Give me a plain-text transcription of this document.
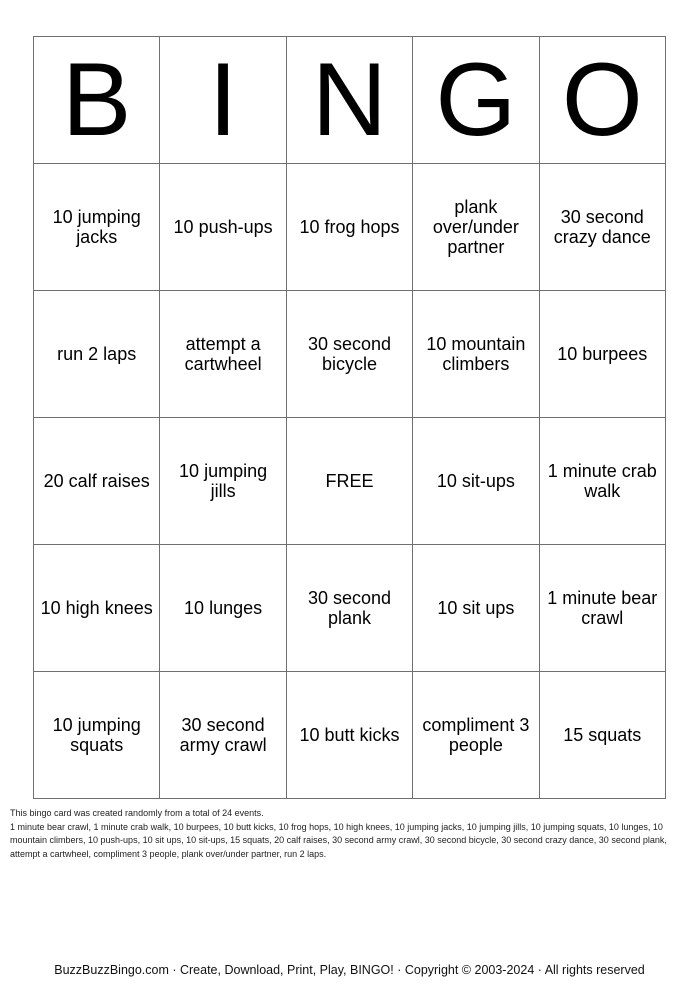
B	I	N	G	O
10 jumping jacks	10 push-ups	10 frog hops	plank over/under partner	30 second crazy dance
run 2 laps	attempt a cartwheel	30 second bicycle	10 mountain climbers	10 burpees
20 calf raises	10 jumping jills	FREE	10 sit-ups	1 minute crab walk
10 high knees	10 lunges	30 second plank	10 sit ups	1 minute bear crawl
10 jumping squats	30 second army crawl	10 butt kicks	compliment 3 people	15 squats
This bingo card was created randomly from a total of 24 events.
1 minute bear crawl, 1 minute crab walk, 10 burpees, 10 butt kicks, 10 frog hops, 10 high knees, 10 jumping jacks, 10 jumping jills, 10 jumping squats, 10 lunges, 10 mountain climbers, 10 push-ups, 10 sit ups, 10 sit-ups, 15 squats, 20 calf raises, 30 second army crawl, 30 second bicycle, 30 second crazy dance, 30 second plank, attempt a cartwheel, compliment 3 people, plank over/under partner, run 2 laps.
BuzzBuzzBingo.com · Create, Download, Print, Play, BINGO! · Copyright © 2003-2024 · All rights reserved
